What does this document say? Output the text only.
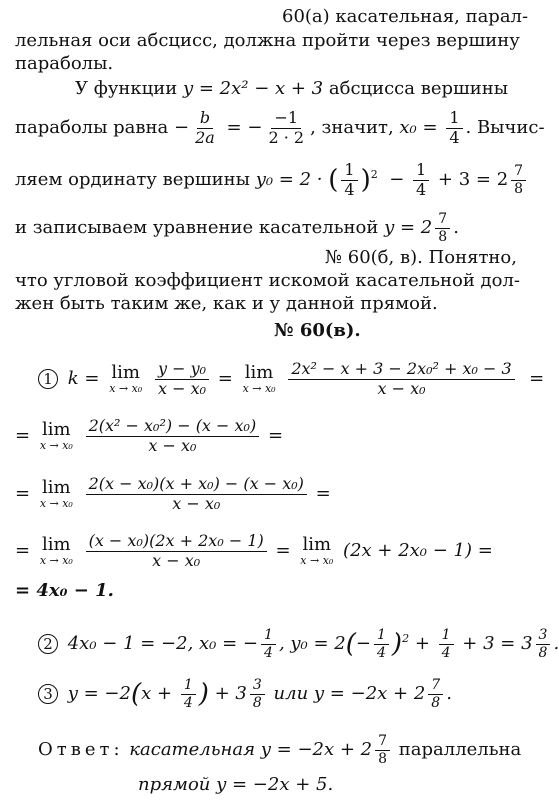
60(а) касательная, парал-
лельная оси абсцисс, должна пройти через вершину
параболы.
У функции y = 2x² − x + 3 абсцисса вершины
параболы равна − $\frac{b}{2a}$ = − $\frac{-1}{2 \cdot 2}$ , значит, $x_0 = \frac{1}{4}$ . Вычис-
ляем ординату вершины y₀ = 2 · ( $\frac{1}{4} )^2 - \frac{1}{4} + 3 = 2 \frac{7}{8}$
и записываем уравнение касательной $y = 2 \frac{7}{8}$ .
№ 60(б, в). Понятно,
что угловой коэффициент искомой касательной дол-
жен быть таким же, как и у данной прямой.
№ 60(в).
1 k = lim
x → x₀
$\frac{\text{y − y₀}}{\text{x − x₀}} = \lim$
x → x₀
$\frac{\text{2x² − x + 3 − 2x₀² + x₀ − 3}}{\text{x − x₀}}$ =
= lim
x → x₀
$\frac{\text{2(x² − x₀²) − (x − x₀)}}{\text{x − x₀}}$ =
= lim
x → x₀
$\frac{\text{2(x − x₀)(x + x₀) − (x − x₀)}}{\text{x − x₀}}$ =
= lim
x → x₀
$\frac{\text{(x − x₀)(2x + 2x₀ − 1)}}{\text{x − x₀}} = \lim$
x → x₀ (2x + 2x₀ − 1) =
= 4x₀ − 1.
2 4x₀ − 1 = −2, x₀ = − $\frac{1}{4}$ , $y_0 = 2(- \frac{1}{4} )^2 + \frac{1}{4} + 3 = 3 \frac{3}{8}$ .
3 $y = -2(x + \frac{1}{4}$ ) + $3 \frac{3}{8}$ или $y = -2x + 2 \frac{7}{8}$ .
Ответ: касательная $y = -2x + 2 \frac{7}{8}$ параллельна
прямой y = −2x + 5.
